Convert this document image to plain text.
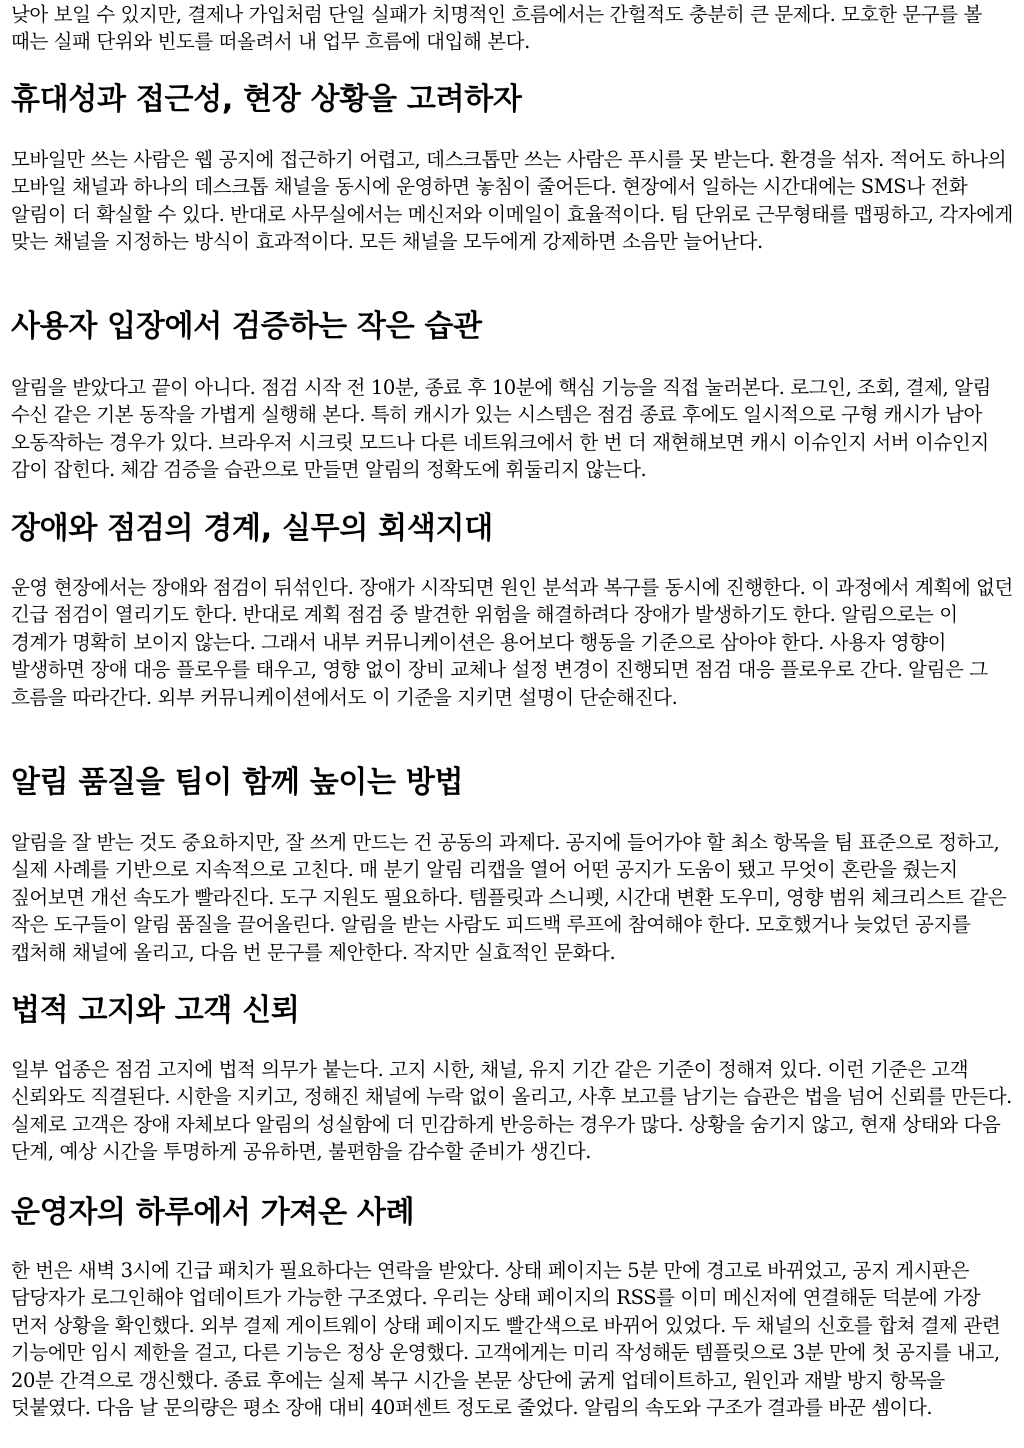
낮아 보일 수 있지만, 결제나 가입처럼 단일 실패가 치명적인 흐름에서는 간헐적도 충분히 큰 문제다. 모호한 문구를 볼 때는 실패 단위와 빈도를 떠올려서 내 업무 흐름에 대입해 본다.

휴대성과 접근성, 현장 상황을 고려하자

모바일만 쓰는 사람은 웹 공지에 접근하기 어렵고, 데스크톱만 쓰는 사람은 푸시를 못 받는다. 환경을 섞자. 적어도 하나의 모바일 채널과 하나의 데스크톱 채널을 동시에 운영하면 놓침이 줄어든다. 현장에서 일하는 시간대에는 SMS나 전화 알림이 더 확실할 수 있다. 반대로 사무실에서는 메신저와 이메일이 효율적이다. 팀 단위로 근무형태를 맵핑하고, 각자에게 맞는 채널을 지정하는 방식이 효과적이다. 모든 채널을 모두에게 강제하면 소음만 늘어난다.

사용자 입장에서 검증하는 작은 습관

알림을 받았다고 끝이 아니다. 점검 시작 전 10분, 종료 후 10분에 핵심 기능을 직접 눌러본다. 로그인, 조회, 결제, 알림 수신 같은 기본 동작을 가볍게 실행해 본다. 특히 캐시가 있는 시스템은 점검 종료 후에도 일시적으로 구형 캐시가 남아 오동작하는 경우가 있다. 브라우저 시크릿 모드나 다른 네트워크에서 한 번 더 재현해보면 캐시 이슈인지 서버 이슈인지 감이 잡힌다. 체감 검증을 습관으로 만들면 알림의 정확도에 휘둘리지 않는다.

장애와 점검의 경계, 실무의 회색지대

운영 현장에서는 장애와 점검이 뒤섞인다. 장애가 시작되면 원인 분석과 복구를 동시에 진행한다. 이 과정에서 계획에 없던 긴급 점검이 열리기도 한다. 반대로 계획 점검 중 발견한 위험을 해결하려다 장애가 발생하기도 한다. 알림으로는 이 경계가 명확히 보이지 않는다. 그래서 내부 커뮤니케이션은 용어보다 행동을 기준으로 삼아야 한다. 사용자 영향이 발생하면 장애 대응 플로우를 태우고, 영향 없이 장비 교체나 설정 변경이 진행되면 점검 대응 플로우로 간다. 알림은 그 흐름을 따라간다. 외부 커뮤니케이션에서도 이 기준을 지키면 설명이 단순해진다.

알림 품질을 팀이 함께 높이는 방법

알림을 잘 받는 것도 중요하지만, 잘 쓰게 만드는 건 공동의 과제다. 공지에 들어가야 할 최소 항목을 팀 표준으로 정하고, 실제 사례를 기반으로 지속적으로 고친다. 매 분기 알림 리캡을 열어 어떤 공지가 도움이 됐고 무엇이 혼란을 줬는지 짚어보면 개선 속도가 빨라진다. 도구 지원도 필요하다. 템플릿과 스니펫, 시간대 변환 도우미, 영향 범위 체크리스트 같은 작은 도구들이 알림 품질을 끌어올린다. 알림을 받는 사람도 피드백 루프에 참여해야 한다. 모호했거나 늦었던 공지를 캡처해 채널에 올리고, 다음 번 문구를 제안한다. 작지만 실효적인 문화다.

법적 고지와 고객 신뢰

일부 업종은 점검 고지에 법적 의무가 붙는다. 고지 시한, 채널, 유지 기간 같은 기준이 정해져 있다. 이런 기준은 고객 신뢰와도 직결된다. 시한을 지키고, 정해진 채널에 누락 없이 올리고, 사후 보고를 남기는 습관은 법을 넘어 신뢰를 만든다. 실제로 고객은 장애 자체보다 알림의 성실함에 더 민감하게 반응하는 경우가 많다. 상황을 숨기지 않고, 현재 상태와 다음 단계, 예상 시간을 투명하게 공유하면, 불편함을 감수할 준비가 생긴다.

운영자의 하루에서 가져온 사례

한 번은 새벽 3시에 긴급 패치가 필요하다는 연락을 받았다. 상태 페이지는 5분 만에 경고로 바뀌었고, 공지 게시판은 담당자가 로그인해야 업데이트가 가능한 구조였다. 우리는 상태 페이지의 RSS를 이미 메신저에 연결해둔 덕분에 가장 먼저 상황을 확인했다. 외부 결제 게이트웨이 상태 페이지도 빨간색으로 바뀌어 있었다. 두 채널의 신호를 합쳐 결제 관련 기능에만 임시 제한을 걸고, 다른 기능은 정상 운영했다. 고객에게는 미리 작성해둔 템플릿으로 3분 만에 첫 공지를 내고, 20분 간격으로 갱신했다. 종료 후에는 실제 복구 시간을 본문 상단에 굵게 업데이트하고, 원인과 재발 방지 항목을 덧붙였다. 다음 날 문의량은 평소 장애 대비 40퍼센트 정도로 줄었다. 알림의 속도와 구조가 결과를 바꾼 셈이다.
